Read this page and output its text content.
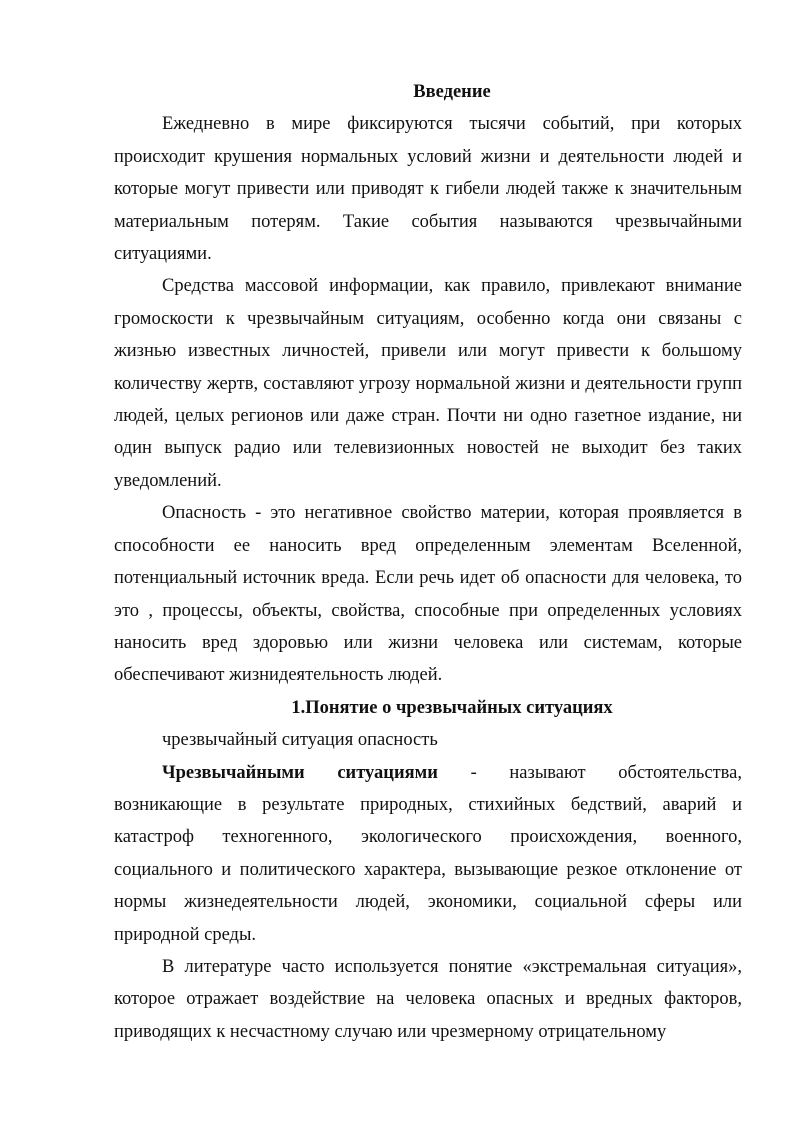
Введение

Ежедневно в мире фиксируются тысячи событий, при которых происходит крушения нормальных условий жизни и деятельности людей и которые могут привести или приводят к гибели людей также к значительным материальным потерям. Такие события называются чрезвычайными ситуациями.

Средства массовой информации, как правило, привлекают внимание громоскости к чрезвычайным ситуациям, особенно когда они связаны с жизнью известных личностей, привели или могут привести к большому количеству жертв, составляют угрозу нормальной жизни и деятельности групп людей, целых регионов или даже стран. Почти ни одно газетное издание, ни один выпуск радио или телевизионных новостей не выходит без таких уведомлений.

Опасность - это негативное свойство материи, которая проявляется в способности ее наносить вред определенным элементам Вселенной, потенциальный источник вреда. Если речь идет об опасности для человека, то это , процессы, объекты, свойства, способные при определенных условиях наносить вред здоровью или жизни человека или системам, которые обеспечивают жизнидеятельность людей.

1.Понятие о чрезвычайных ситуациях

чрезвычайный ситуация опасность

Чрезвычайными ситуациями - называют обстоятельства, возникающие в результате природных, стихийных бедствий, аварий и катастроф техногенного, экологического происхождения, военного, социального и политического характера, вызывающие резкое отклонение от нормы жизнедеятельности людей, экономики, социальной сферы или природной среды.

В литературе часто используется понятие «экстремальная ситуация», которое отражает воздействие на человека опасных и вредных факторов, приводящих к несчастному случаю или чрезмерному отрицательному
